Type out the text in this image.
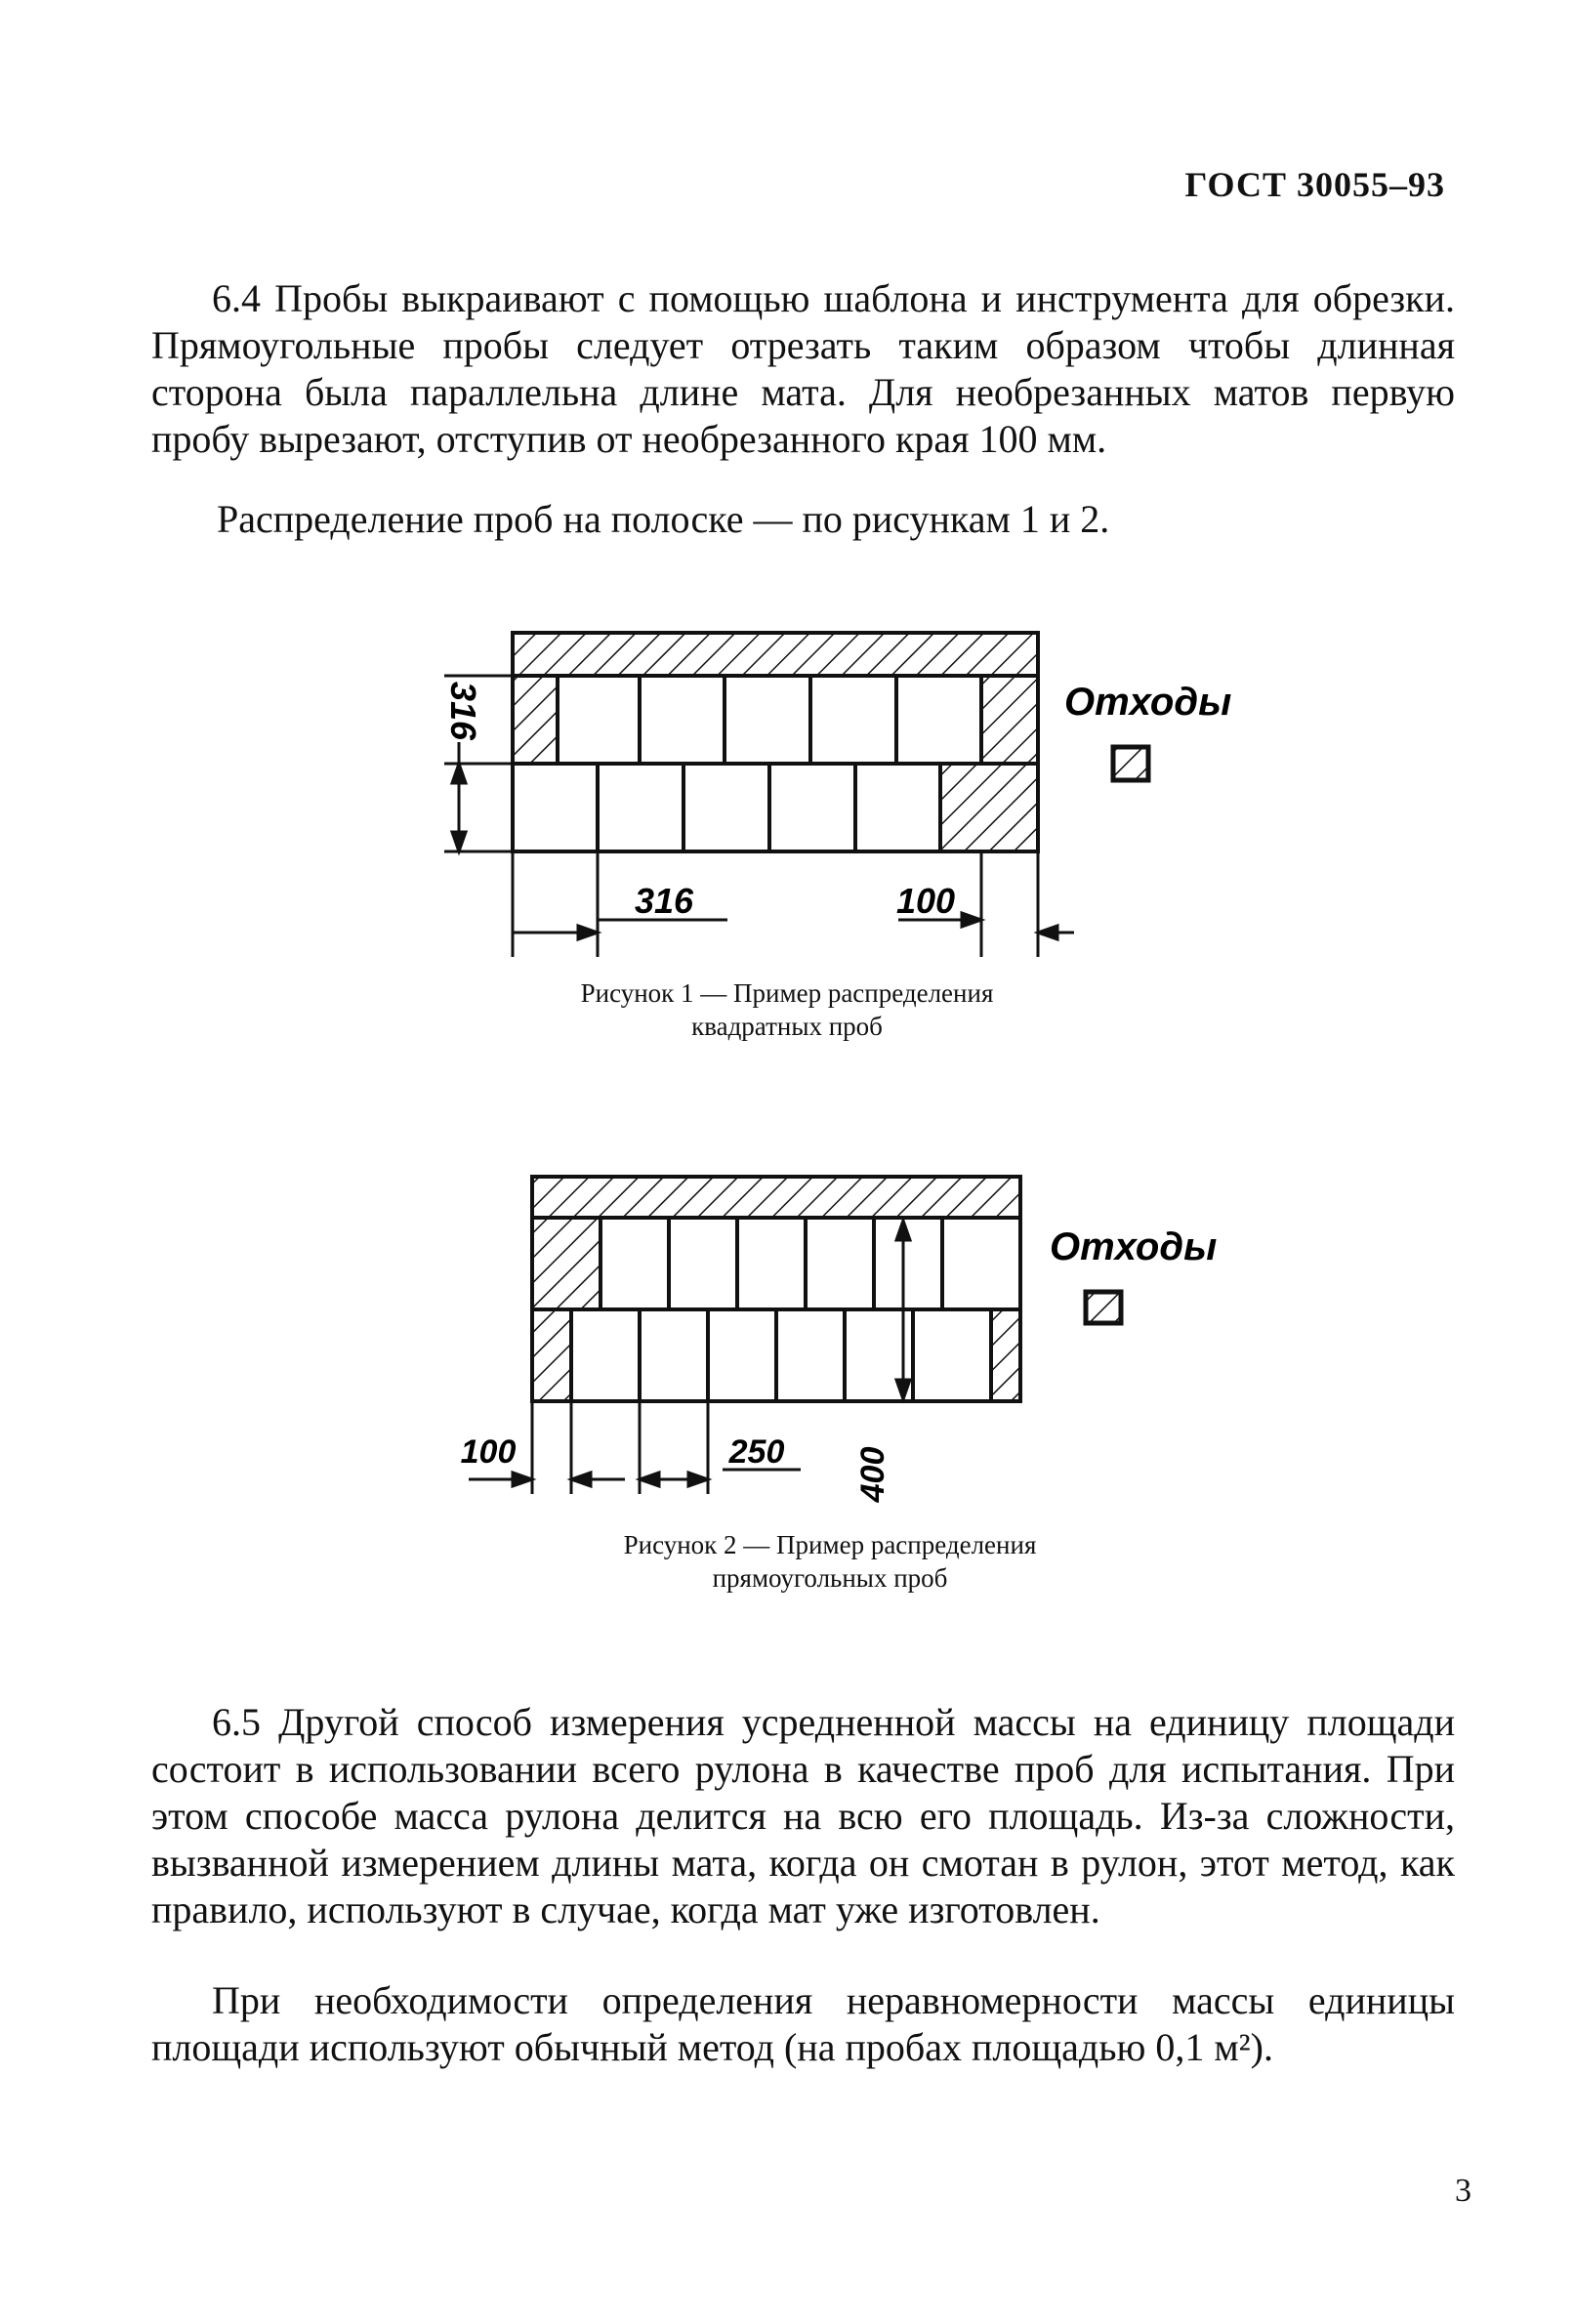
ГОСТ 30055–93
6.4 Пробы выкраивают с помощью шаблона и инструмента для обрезки. Прямоугольные пробы следует отрезать таким образом чтобы длинная сторона была параллельна длине мата. Для необрезанных матов первую пробу вырезают, отступив от необрезанного края 100 мм.
Распределение проб на полоске — по рисункам 1 и 2.
316
316	100
Отходы
Рисунок 1 — Пример распределения
квадратных проб
100	250 400
Отходы
Рисунок 2 — Пример распределения
прямоугольных проб
6.5 Другой способ измерения усредненной массы на единицу площади состоит в использовании всего рулона в качестве проб для испытания. При этом способе масса рулона делится на всю его площадь. Из-за сложности, вызванной измерением длины мата, когда он смотан в рулон, этот метод, как правило, используют в случае, когда мат уже изготовлен.
При необходимости определения неравномерности массы единицы площади используют обычный метод (на пробах площадью 0,1 м²).
3
